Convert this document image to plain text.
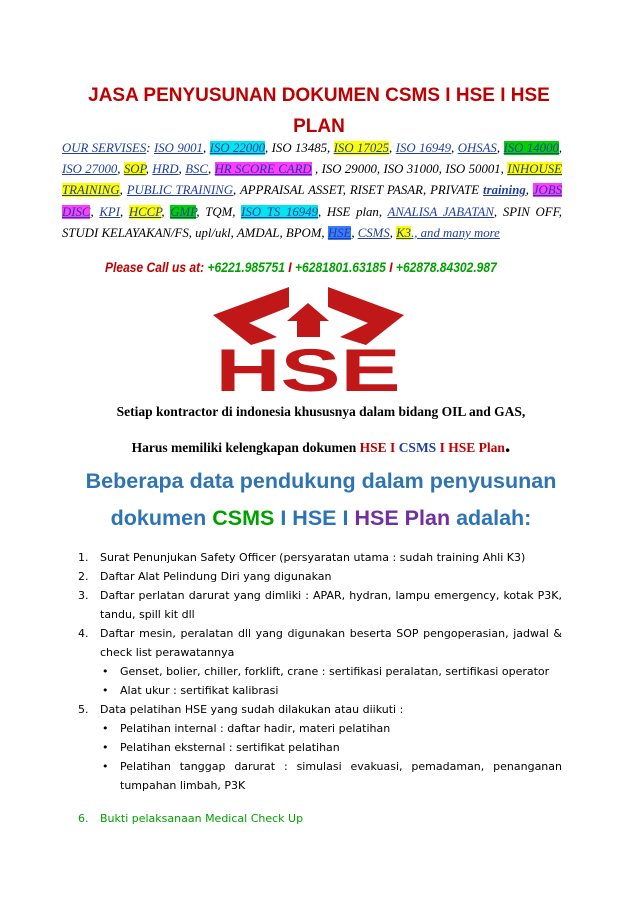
JASA PENYUSUNAN DOKUMEN CSMS I HSE I HSE PLAN

OUR SERVISES: ISO 9001, ISO 22000, ISO 13485, ISO 17025, ISO 16949, OHSAS, ISO 14000, ISO 27000, SOP, HRD, BSC, HR SCORE CARD , ISO 29000, ISO 31000, ISO 50001, INHOUSE TRAINING, PUBLIC TRAINING, APPRAISAL ASSET, RISET PASAR, PRIVATE training, JOBS DISC, KPI, HCCP, GMP, TQM, ISO TS 16949, HSE plan, ANALISA JABATAN, SPIN OFF, STUDI KELAYAKAN/FS, upl/ukl, AMDAL, BPOM, HSE, CSMS, K3., and many more

Please Call us at: +6221.985751 I +6281801.63185 I +62878.84302.987
HSE

Setiap kontractor di indonesia khususnya dalam bidang OIL and GAS,

Harus memiliki kelengkapan dokumen HSE I CSMS I HSE Plan.

Beberapa data pendukung dalam penyusunan
dokumen CSMS I HSE I HSE Plan adalah:
1. Surat Penunjukan Safety Officer (persyaratan utama : sudah training Ahli K3)
2. Daftar Alat Pelindung Diri yang digunakan
3. Daftar perlatan darurat yang dimliki : APAR, hydran, lampu emergency, kotak P3K, tandu, spill kit dll
4. Daftar mesin, peralatan dll yang digunakan beserta SOP pengoperasian, jadwal & check list perawatannya
• Genset, bolier, chiller, forklift, crane : sertifikasi peralatan, sertifikasi operator
• Alat ukur : sertifikat kalibrasi
5. Data pelatihan HSE yang sudah dilakukan atau diikuti :
• Pelatihan internal : daftar hadir, materi pelatihan
• Pelatihan eksternal : sertifikat pelatihan
• Pelatihan tanggap darurat : simulasi evakuasi, pemadaman, penanganan tumpahan limbah, P3K
6. Bukti pelaksanaan Medical Check Up
